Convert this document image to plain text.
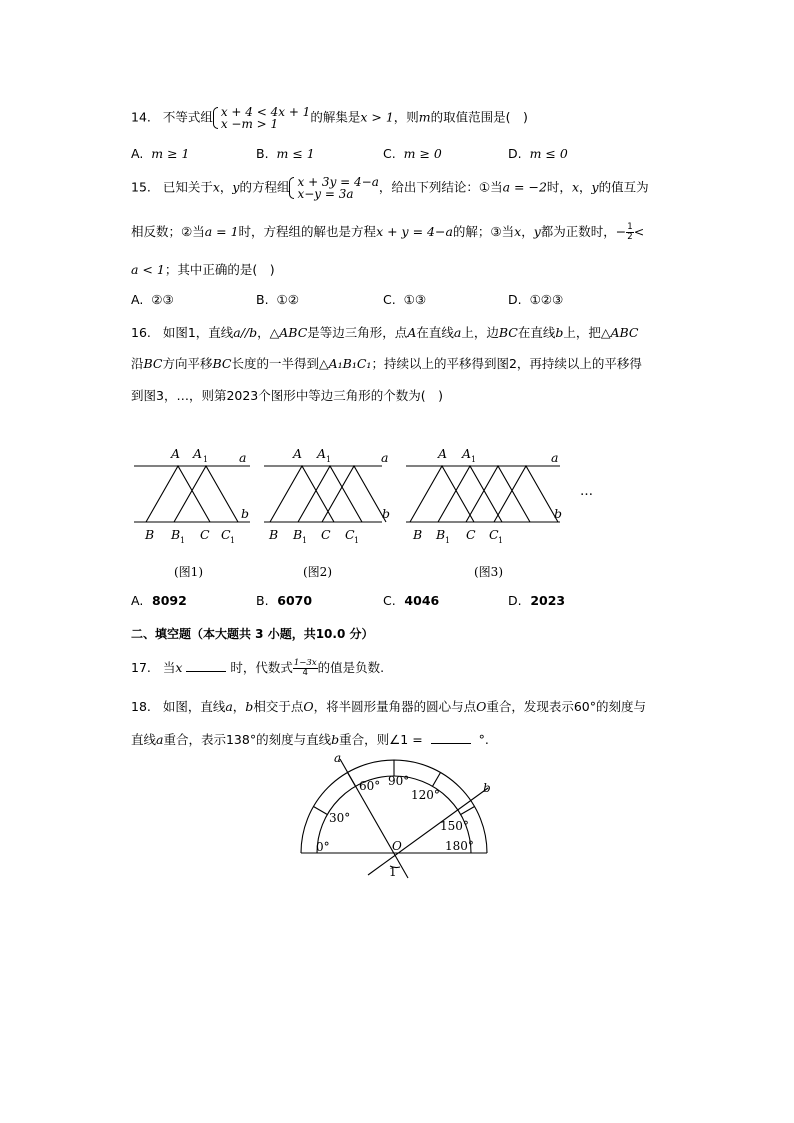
14. 不等式组 x + 4 < 4x + 1
x −m > 1	的解集是x > 1，则m的取值范围是(　)
A. m ≥ 1	B. m ≤ 1	C. m ≥ 0	D. m ≤ 0
15. 已知关于x，y的方程组 x + 3y = 4−a
x−y = 3a	，给出下列结论：①当a = −2时，x，y的值互为
相反数；②当a = 1时，方程组的解也是方程x + y = 4−a的解；③当x，y都为正数时，− $\frac{1}{2}$ <
a < 1；其中正确的是(　)
A. ②③	B. ①②	C. ①③	D. ①②③
16. 如图1，直线a//b，△ABC是等边三角形，点A在直线a上，边BC在直线b上，把△ABC
沿BC方向平移BC长度的一半得到△A₁B₁C₁；持续以上的平移得到图2，再持续以上的平移得
到图3，…，则第2023个图形中等边三角形的个数为(　)
A A 1 a
b
B B 1 C C 1
A A 1	a
b
B B 1 C C 1
A A 1	a
b
B B 1 C C 1
…
(图1)	(图2)	(图3)
A. 8092	B. 6070	C. 4046	D. 2023
二、填空题（本大题共 3 小题，共10.0 分）
17. 当x	时，代数式 $\frac{1-3x}{4}$ 的值是负数.
18. 如图，直线a，b相交于点O，将半圆形量角器的圆心与点O重合，发现表示60°的刻度与
直线a重合，表示138°的刻度与直线b重合，则∠1 =	°.
a
b
O
1
0°
30°
60° 90°
120°
150°
180°
